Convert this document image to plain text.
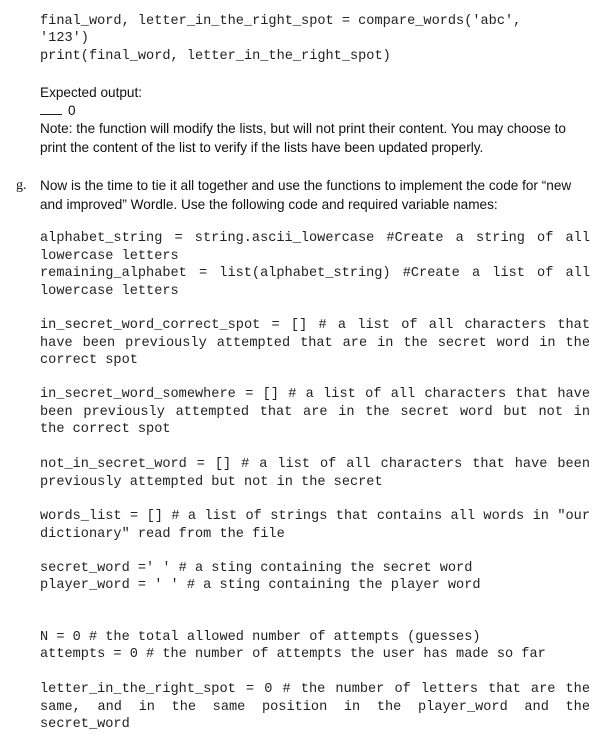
final_word, letter_in_the_right_spot = compare_words('abc',
'123')
print(final_word, letter_in_the_right_spot)
Expected output:
0
Note: the function will modify the lists, but will not print their content. You may choose to print the content of the list to verify if the lists have been updated properly.
g. Now is the time to tie it all together and use the functions to implement the code for “new and improved” Wordle. Use the following code and required variable names:
alphabet_string = string.ascii_lowercase #Create a string of all lowercase letters
remaining_alphabet = list(alphabet_string) #Create a list of all lowercase letters
in_secret_word_correct_spot = [] # a list of all characters that have been previously attempted that are in the secret word in the correct spot
in_secret_word_somewhere = [] # a list of all characters that have been previously attempted that are in the secret word but not in the correct spot
not_in_secret_word = [] # a list of all characters that have been previously attempted but not in the secret
words_list = [] # a list of strings that contains all words in "our dictionary" read from the file
secret_word =' ' # a sting containing the secret word
player_word = ' ' # a sting containing the player word
N = 0 # the total allowed number of attempts (guesses)
attempts = 0 # the number of attempts the user has made so far
letter_in_the_right_spot = 0 # the number of letters that are the same, and in the same position in the player_word and the secret_word
